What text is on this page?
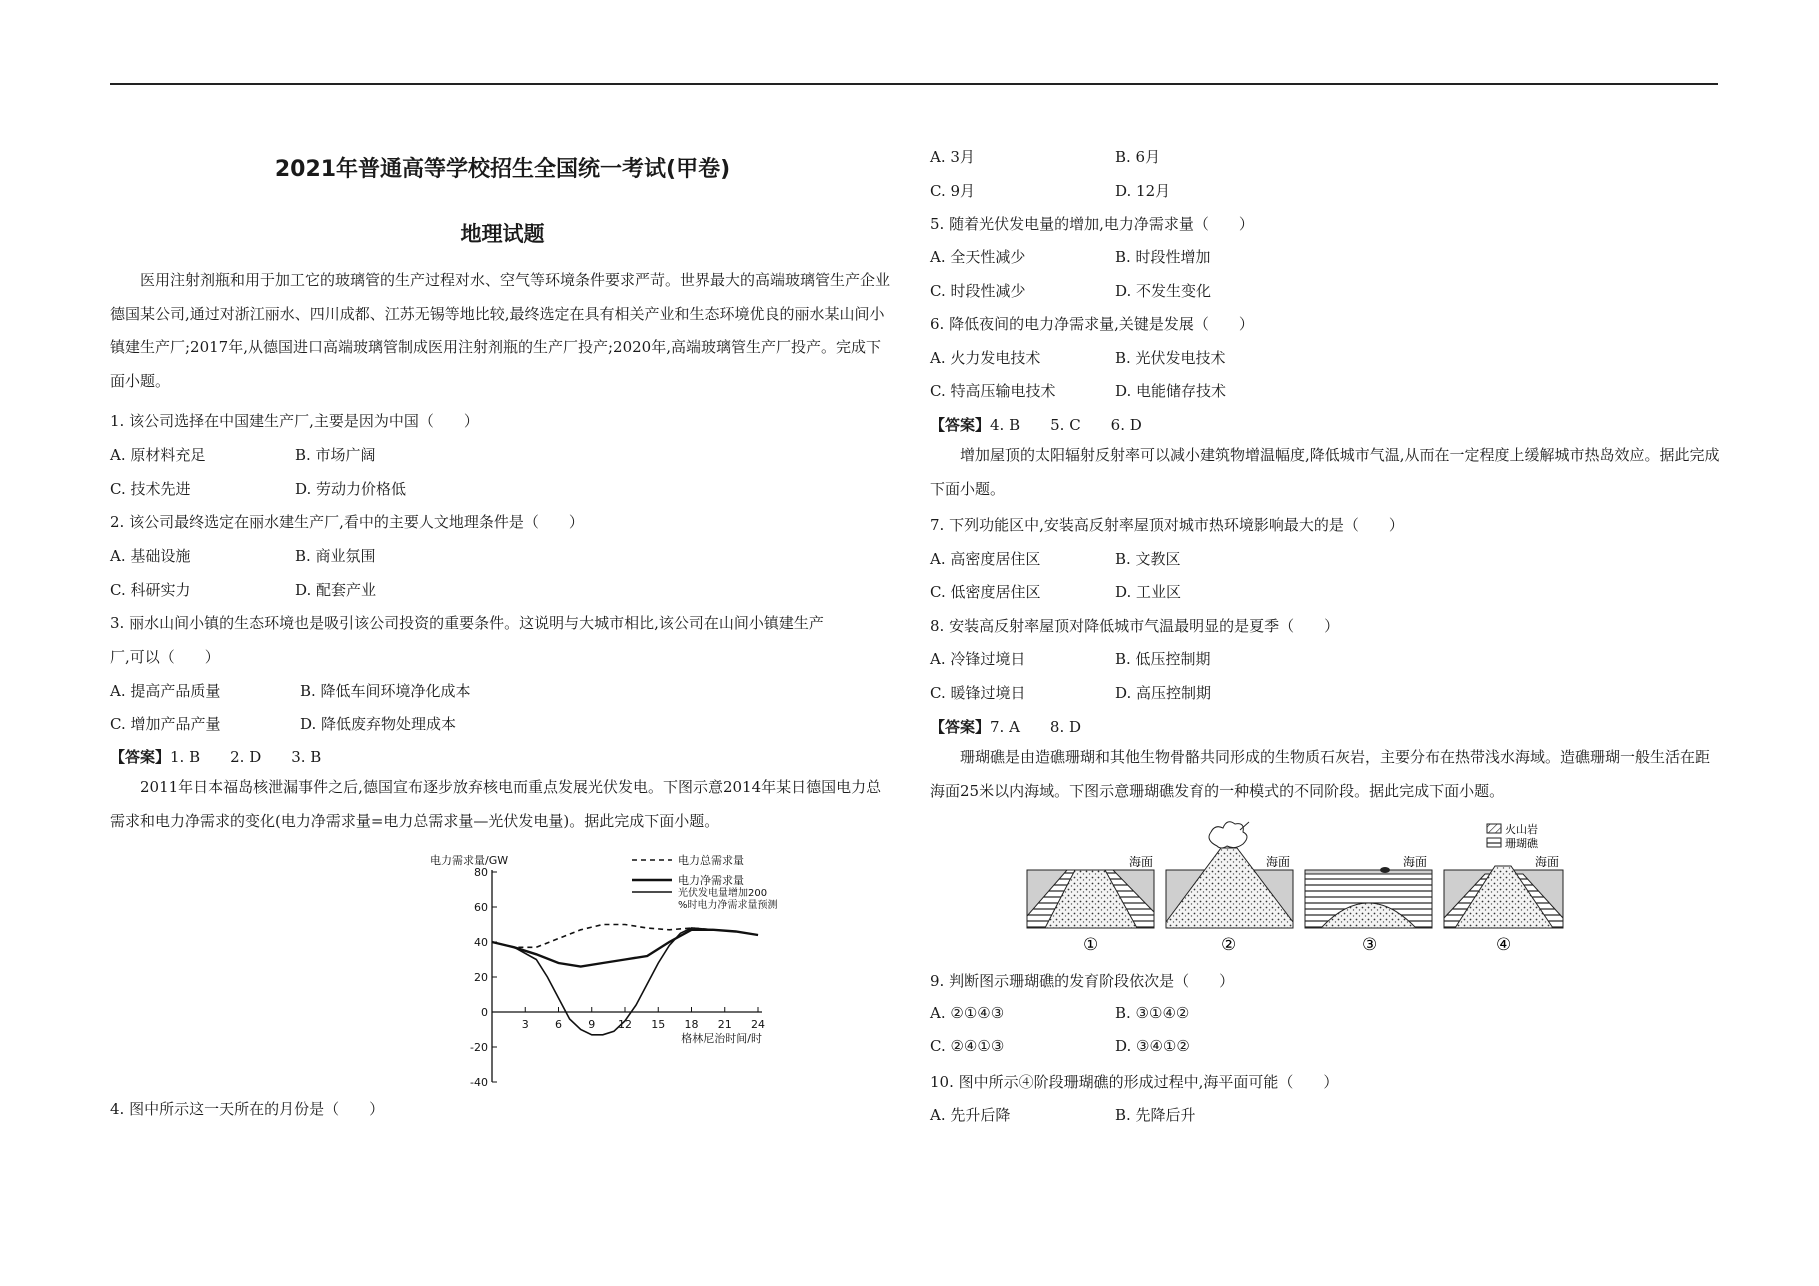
2021年普通高等学校招生全国统一考试(甲卷)
地理试题
医用注射剂瓶和用于加工它的玻璃管的生产过程对水、空气等环境条件要求严苛。世界最大的高端玻璃管生产企业德国某公司,通过对浙江丽水、四川成都、江苏无锡等地比较,最终选定在具有相关产业和生态环境优良的丽水某山间小镇建生产厂;2017年,从德国进口高端玻璃管制成医用注射剂瓶的生产厂投产;2020年,高端玻璃管生产厂投产。完成下面小题。
1. 该公司选择在中国建生产厂,主要是因为中国（　　）
A. 原材料充足	B. 市场广阔
C. 技术先进	D. 劳动力价格低
2. 该公司最终选定在丽水建生产厂,看中的主要人文地理条件是（　　）
A. 基础设施	B. 商业氛围
C. 科研实力	D. 配套产业
3. 丽水山间小镇的生态环境也是吸引该公司投资的重要条件。这说明与大城市相比,该公司在山间小镇建生产
厂,可以（　　）
A. 提高产品质量	B. 降低车间环境净化成本
C. 增加产品产量	D. 降低废弃物处理成本
【答案】1. B　　2. D　　3. B
2011年日本福岛核泄漏事件之后,德国宣布逐步放弃核电而重点发展光伏发电。下图示意2014年某日德国电力总需求和电力净需求的变化(电力净需求量=电力总需求量—光伏发电量)。据此完成下面小题。
电力需求量/GW
80
60
40
20
0
-20
-40
3 6 9 12 15 18 21 24
格林尼治时间/时
电力总需求量
电力净需求量
光伏发电量增加200
%时电力净需求量预测
4. 图中所示这一天所在的月份是（　　）
A. 3月	B. 6月
C. 9月	D. 12月
5. 随着光伏发电量的增加,电力净需求量（　　）
A. 全天性减少	B. 时段性增加
C. 时段性减少	D. 不发生变化
6. 降低夜间的电力净需求量,关键是发展（　　）
A. 火力发电技术	B. 光伏发电技术
C. 特高压输电技术	D. 电能储存技术
【答案】4. B　　5. C　　6. D
增加屋顶的太阳辐射反射率可以减小建筑物增温幅度,降低城市气温,从而在一定程度上缓解城市热岛效应。据此完成下面小题。
7. 下列功能区中,安装高反射率屋顶对城市热环境影响最大的是（　　）
A. 高密度居住区	B. 文教区
C. 低密度居住区	D. 工业区
8. 安装高反射率屋顶对降低城市气温最明显的是夏季（　　）
A. 冷锋过境日	B. 低压控制期
C. 暖锋过境日	D. 高压控制期
【答案】7. A　　8. D
珊瑚礁是由造礁珊瑚和其他生物骨骼共同形成的生物质石灰岩，主要分布在热带浅水海域。造礁珊瑚一般生活在距海面25米以内海域。下图示意珊瑚礁发育的一种模式的不同阶段。据此完成下面小题。
火山岩
珊瑚礁
海面
①
海面
②
海面
③
海面
④
9. 判断图示珊瑚礁的发育阶段依次是（　　）
A. ②①④③	B. ③①④②
C. ②④①③	D. ③④①②
10. 图中所示④阶段珊瑚礁的形成过程中,海平面可能（　　）
A. 先升后降	B. 先降后升
